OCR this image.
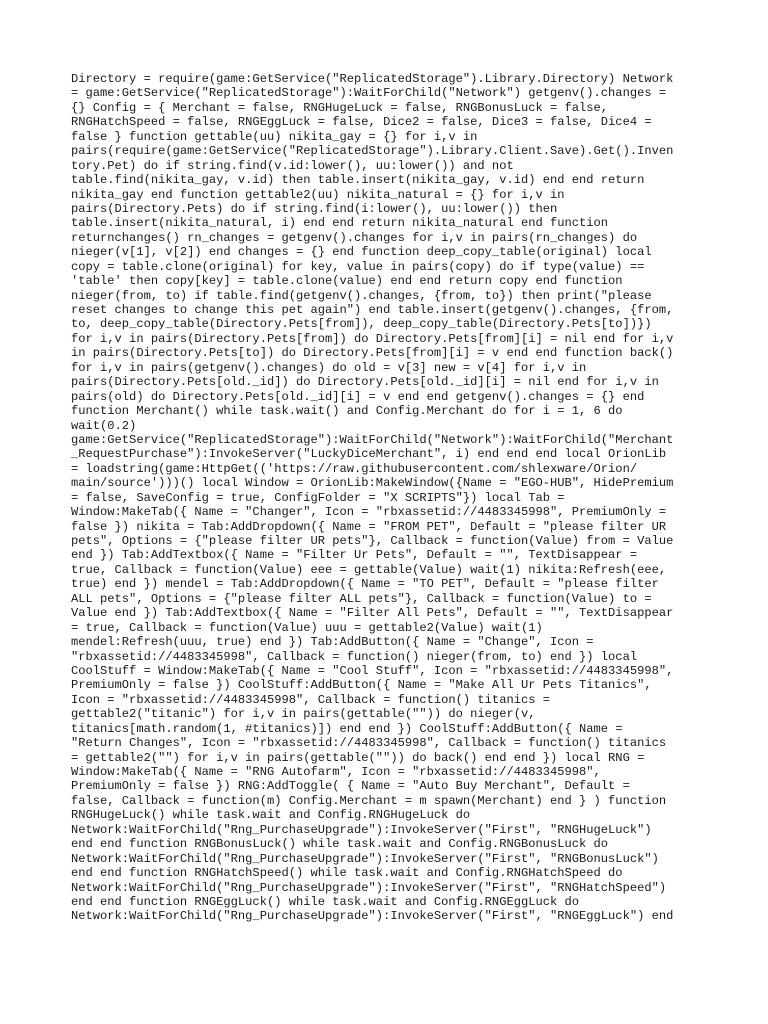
Directory = require(game:GetService("ReplicatedStorage").Library.Directory) Network
= game:GetService("ReplicatedStorage"):WaitForChild("Network") getgenv().changes =
{} Config = { Merchant = false, RNGHugeLuck = false, RNGBonusLuck = false,
RNGHatchSpeed = false, RNGEggLuck = false, Dice2 = false, Dice3 = false, Dice4 =
false } function gettable(uu) nikita_gay = {} for i,v in
pairs(require(game:GetService("ReplicatedStorage").Library.Client.Save).Get().Inven
tory.Pet) do if string.find(v.id:lower(), uu:lower()) and not
table.find(nikita_gay, v.id) then table.insert(nikita_gay, v.id) end end return
nikita_gay end function gettable2(uu) nikita_natural = {} for i,v in
pairs(Directory.Pets) do if string.find(i:lower(), uu:lower()) then
table.insert(nikita_natural, i) end end return nikita_natural end function
returnchanges() rn_changes = getgenv().changes for i,v in pairs(rn_changes) do
nieger(v[1], v[2]) end changes = {} end function deep_copy_table(original) local
copy = table.clone(original) for key, value in pairs(copy) do if type(value) ==
'table' then copy[key] = table.clone(value) end end return copy end function
nieger(from, to) if table.find(getgenv().changes, {from, to}) then print("please
reset changes to change this pet again") end table.insert(getgenv().changes, {from,
to, deep_copy_table(Directory.Pets[from]), deep_copy_table(Directory.Pets[to])})
for i,v in pairs(Directory.Pets[from]) do Directory.Pets[from][i] = nil end for i,v
in pairs(Directory.Pets[to]) do Directory.Pets[from][i] = v end end function back()
for i,v in pairs(getgenv().changes) do old = v[3] new = v[4] for i,v in
pairs(Directory.Pets[old._id]) do Directory.Pets[old._id][i] = nil end for i,v in
pairs(old) do Directory.Pets[old._id][i] = v end end getgenv().changes = {} end
function Merchant() while task.wait() and Config.Merchant do for i = 1, 6 do
wait(0.2)
game:GetService("ReplicatedStorage"):WaitForChild("Network"):WaitForChild("Merchant
_RequestPurchase"):InvokeServer("LuckyDiceMerchant", i) end end end local OrionLib
= loadstring(game:HttpGet(('https://raw.githubusercontent.com/shlexware/Orion/
main/source')))() local Window = OrionLib:MakeWindow({Name = "EGO-HUB", HidePremium
= false, SaveConfig = true, ConfigFolder = "X SCRIPTS"}) local Tab =
Window:MakeTab({ Name = "Changer", Icon = "rbxassetid://4483345998", PremiumOnly =
false }) nikita = Tab:AddDropdown({ Name = "FROM PET", Default = "please filter UR
pets", Options = {"please filter UR pets"}, Callback = function(Value) from = Value
end }) Tab:AddTextbox({ Name = "Filter Ur Pets", Default = "", TextDisappear =
true, Callback = function(Value) eee = gettable(Value) wait(1) nikita:Refresh(eee,
true) end }) mendel = Tab:AddDropdown({ Name = "TO PET", Default = "please filter
ALL pets", Options = {"please filter ALL pets"}, Callback = function(Value) to =
Value end }) Tab:AddTextbox({ Name = "Filter All Pets", Default = "", TextDisappear
= true, Callback = function(Value) uuu = gettable2(Value) wait(1)
mendel:Refresh(uuu, true) end }) Tab:AddButton({ Name = "Change", Icon =
"rbxassetid://4483345998", Callback = function() nieger(from, to) end }) local
CoolStuff = Window:MakeTab({ Name = "Cool Stuff", Icon = "rbxassetid://4483345998",
PremiumOnly = false }) CoolStuff:AddButton({ Name = "Make All Ur Pets Titanics",
Icon = "rbxassetid://4483345998", Callback = function() titanics =
gettable2("titanic") for i,v in pairs(gettable("")) do nieger(v,
titanics[math.random(1, #titanics)]) end end }) CoolStuff:AddButton({ Name =
"Return Changes", Icon = "rbxassetid://4483345998", Callback = function() titanics
= gettable2("") for i,v in pairs(gettable("")) do back() end end }) local RNG =
Window:MakeTab({ Name = "RNG Autofarm", Icon = "rbxassetid://4483345998",
PremiumOnly = false }) RNG:AddToggle( { Name = "Auto Buy Merchant", Default =
false, Callback = function(m) Config.Merchant = m spawn(Merchant) end } ) function
RNGHugeLuck() while task.wait and Config.RNGHugeLuck do
Network:WaitForChild("Rng_PurchaseUpgrade"):InvokeServer("First", "RNGHugeLuck")
end end function RNGBonusLuck() while task.wait and Config.RNGBonusLuck do
Network:WaitForChild("Rng_PurchaseUpgrade"):InvokeServer("First", "RNGBonusLuck")
end end function RNGHatchSpeed() while task.wait and Config.RNGHatchSpeed do
Network:WaitForChild("Rng_PurchaseUpgrade"):InvokeServer("First", "RNGHatchSpeed")
end end function RNGEggLuck() while task.wait and Config.RNGEggLuck do
Network:WaitForChild("Rng_PurchaseUpgrade"):InvokeServer("First", "RNGEggLuck") end
